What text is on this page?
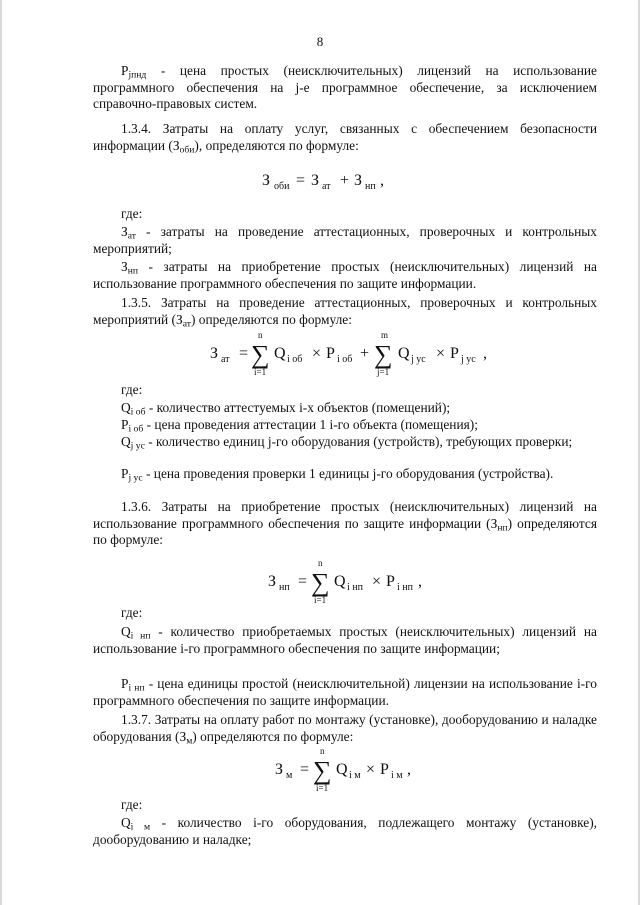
8

$P_{jпнд}$ - цена простых (неисключительных) лицензий на использование программного обеспечения на j-е программное обеспечение, за исключением справочно-правовых систем.

1.3.4. Затраты на оплату услуг, связанных с обеспечением безопасности информации $(З_{оби})$, определяются по формуле:

З оби = З ат + З нп ,

где:

$З_{ат}$ - затраты на проведение аттестационных, проверочных и контрольных мероприятий;

$З_{нп}$ - затраты на приобретение простых (неисключительных) лицензий на использование программного обеспечения по защите информации.

1.3.5. Затраты на проведение аттестационных, проверочных и контрольных мероприятий $(З_{ат})$ определяются по формуле:

З ат =
n
∑
i=1
Q i об × P i об +
m
∑
j=1
Q j ус × P j ус ,

где:

$Q_{i об}$ - количество аттестуемых i-х объектов (помещений);

$P_{i об}$ - цена проведения аттестации 1 i-го объекта (помещения);

$Q_{j ус}$ - количество единиц j-го оборудования (устройств), требующих проверки;

$P_{j ус}$ - цена проведения проверки 1 единицы j-го оборудования (устройства).

1.3.6. Затраты на приобретение простых (неисключительных) лицензий на использование программного обеспечения по защите информации $(З_{нп})$ определяются по формуле:

З нп =
n
∑
i=1
Q i нп × P i нп ,

где:

$Q_{i нп}$ - количество приобретаемых простых (неисключительных) лицензий на использование i-го программного обеспечения по защите информации;

$P_{i нп}$ - цена единицы простой (неисключительной) лицензии на использование i-го программного обеспечения по защите информации.

1.3.7. Затраты на оплату работ по монтажу (установке), дооборудованию и наладке оборудования $(З_м)$ определяются по формуле:

З м =
n
∑
i=1
Q i м × P i м ,

где:

$Q_{i м}$ - количество i-го оборудования, подлежащего монтажу (установке), дооборудованию и наладке;
